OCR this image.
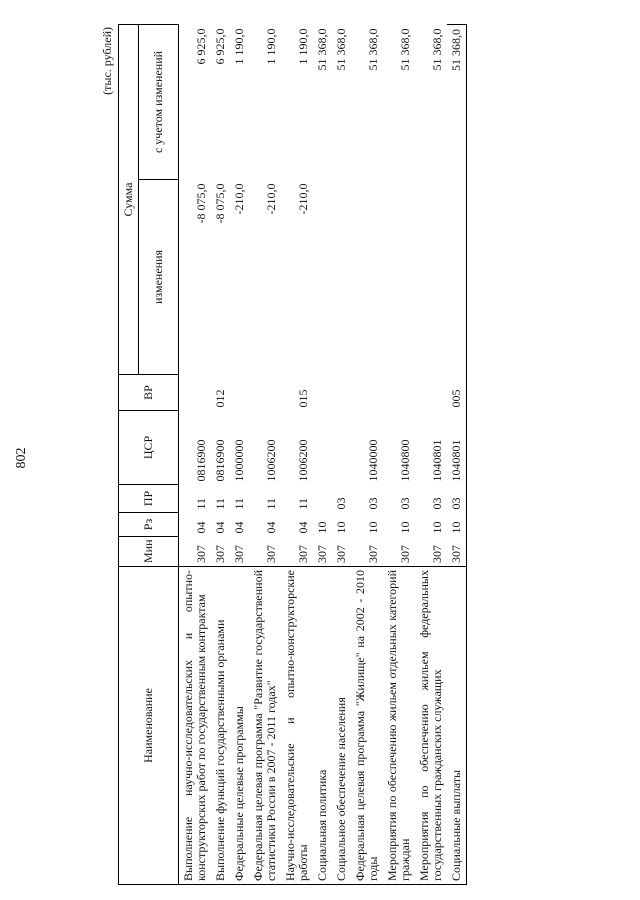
802
(тыс. рублей)
Наименование	Мин	Рз	ПР	ЦСР	ВР	Сумма	
						изменения	с учетом изменений
Выполнение научно-исследовательских и опытно-конструкторских работ по государственным контрактам	307	04	11	0816900		-8 075,0	6 925,0
Выполнение функций государственными органами	307	04	11	0816900	012	-8 075,0	6 925,0
Федеральные целевые программы	307	04	11	1000000		-210,0	1 190,0
Федеральная целевая программа "Развитие государственной статистики России в 2007 - 2011 годах"	307	04	11	1006200		-210,0	1 190,0
Научно-исследовательские и опытно-конструкторские работы	307	04	11	1006200	015	-210,0	1 190,0
Социальная политика	307	10					51 368,0
Социальное обеспечение населения	307	10	03				51 368,0
Федеральная целевая программа "Жилище" на 2002 - 2010 годы	307	10	03	1040000			51 368,0
Мероприятия по обеспечению жильем отдельных категорий граждан	307	10	03	1040800			51 368,0
Мероприятия по обеспечению жильем федеральных государственных гражданских служащих	307	10	03	1040801			51 368,0
Социальные выплаты	307	10	03	1040801	005		51 368,0
